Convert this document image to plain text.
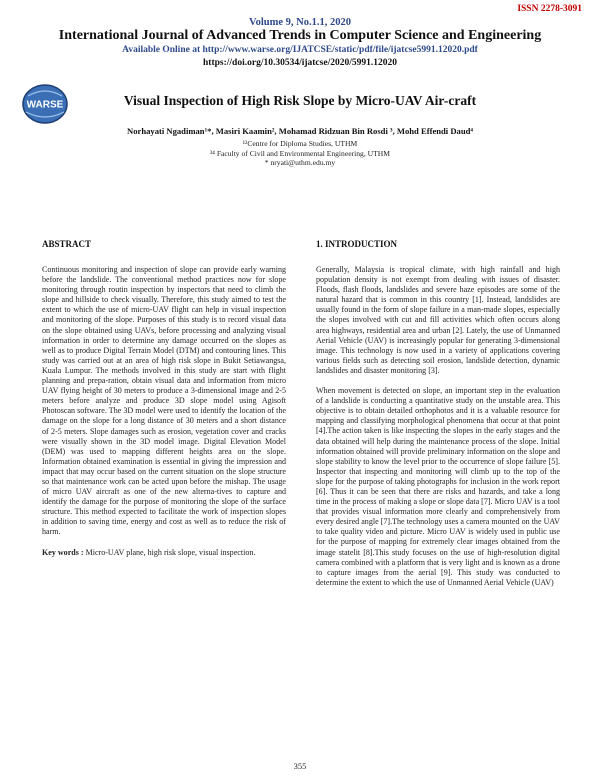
ISSN 2278-3091
Volume 9, No.1.1, 2020
International Journal of Advanced Trends in Computer Science and Engineering
Available Online at http://www.warse.org/IJATCSE/static/pdf/file/ijatcse5991.12020.pdf
https://doi.org/10.30534/ijatcse/2020/5991.12020
WARSE	Visual Inspection of High Risk Slope by Micro-UAV Air-craft
Norhayati Ngadiman¹*, Masiri Kaamin², Mohamad Ridzuan Bin Rosdi ³, Mohd Effendi Daud⁴
¹²Centre for Diploma Studies, UTHM
³⁴ Faculty of Civil and Environmental Engineering, UTHM
* nryati@uthm.edu.my
ABSTRACT

Continuous monitoring and inspection of slope can provide early warning before the landslide. The conventional method practices now for slope monitoring through routin inspection by inspectors that need to climb the slope and hillside to check visually. Therefore, this study aimed to test the extent to which the use of micro-UAV flight can help in visual inspection and monitoring of the slope. Purposes of this study is to record visual data on the slope obtained using UAVs, before processing and analyzing visual information in order to determine any damage occurred on the slopes as well as to produce Digital Terrain Model (DTM) and contouring lines. This study was carried out at an area of high risk slope in Bukit Setiawangsa, Kuala Lumpur. The methods involved in this study are start with flight planning and prepa-ration, obtain visual data and information from micro UAV flying height of 30 meters to produce a 3-dimensional image and 2-5 meters before analyze and produce 3D slope model using Agisoft Photoscan software. The 3D model were used to identify the location of the damage on the slope for a long distance of 30 meters and a short distance of 2-5 meters. Slope damages such as erosion, vegetation cover and cracks were visually shown in the 3D model image. Digital Elevation Model (DEM) was used to mapping different heights area on the slope. Information obtained examination is essential in giving the impression and impact that may occur based on the current situation on the slope structure so that maintenance work can be acted upon before the mishap. The usage of micro UAV aircraft as one of the new alterna-tives to capture and identify the damage for the purpose of monitoring the slope of the surface structure. This method expected to facilitate the work of inspection slopes in addition to saving time, energy and cost as well as to reduce the risk of harm.

Key words : Micro-UAV plane, high risk slope, visual inspection.
1. INTRODUCTION

Generally, Malaysia is tropical climate, with high rainfall and high population density is not exempt from dealing with issues of disaster. Floods, flash floods, landslides and severe haze episodes are some of the natural hazard that is common in this country [1]. Instead, landslides are usually found in the form of slope failure in a man-made slopes, especially the slopes involved with cut and fill activities which often occurs along area highways, residential area and urban [2]. Lately, the use of Unmanned Aerial Vehicle (UAV) is increasingly popular for generating 3-dimensional image. This technology is now used in a variety of applications covering various fields such as detecting soil erosion, landslide detection, dynamic landslides and disaster monitoring [3].

When movement is detected on slope, an important step in the evaluation of a landslide is conducting a quantitative study on the unstable area. This objective is to obtain detailed orthophotos and it is a valuable resource for mapping and classifying morphological phenomena that occur at that point [4].The action taken is like inspecting the slopes in the early stages and the data obtained will help during the maintenance process of the slope. Initial information obtained will provide preliminary information on the slope and slope stability to know the level prior to the occurrence of slope failure [5]. Inspector that inspecting and monitoring will climb up to the top of the slope for the purpose of taking photographs for inclusion in the work report [6]. Thus it can be seen that there are risks and hazards, and take a long time in the process of making a slope or slope data [7]. Micro UAV is a tool that provides visual information more clearly and comprehensively from every desired angle [7].The technology uses a camera mounted on the UAV to take quality video and picture. Micro UAV is widely used in public use for the purpose of mapping for extremely clear images obtained from the image statelit [8].This study focuses on the use of high-resolution digital camera combined with a platform that is very light and is known as a drone to capture images from the aerial [9]. This study was conducted to determine the extent to which the use of Unmanned Aerial Vehicle (UAV)

355
